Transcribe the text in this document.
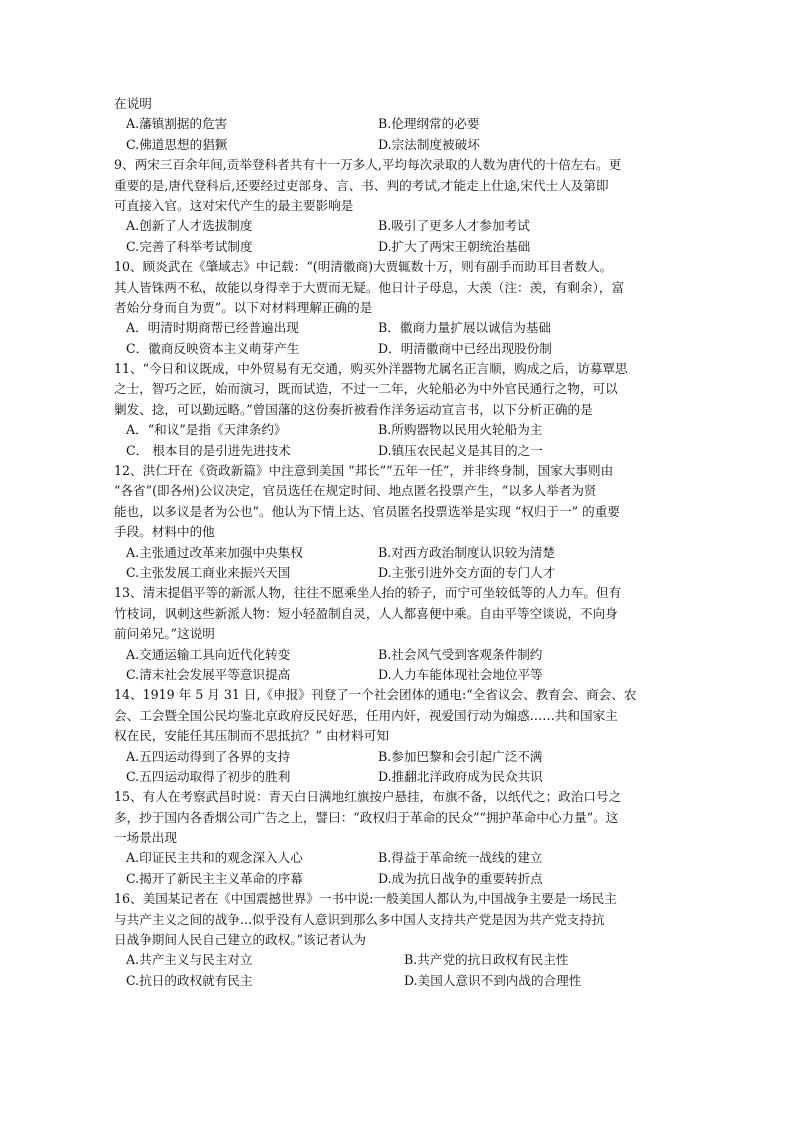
在说明
A.藩镇割据的危害	B.伦理纲常的必要
C.佛道思想的猖獗	D.宗法制度被破坏
9、两宋三百余年间,贡举登科者共有十一万多人,平均每次录取的人数为唐代的十倍左右。更
重要的是,唐代登科后,还要经过吏部身、言、书、判的考试,才能走上仕途,宋代士人及第即
可直接入官。这对宋代产生的最主要影响是
A.创新了人才选拔制度	B.吸引了更多人才参加考试
C.完善了科举考试制度	D.扩大了两宋王朝统治基础
10、顾炎武在《肇域志》中记载：“(明清徽商)大贾辄数十万，则有副手而助耳目者数人。
其人皆铢两不私，故能以身得幸于大贾而无疑。他日计子母息，大羡（注：羡，有剩余），富
者始分身而自为贾”。以下对材料理解正确的是
A．明清时期商帮已经普遍出现	B．徽商力量扩展以诚信为基础
C．徽商反映资本主义萌芽产生	D．明清徽商中已经出现股份制
11、“今日和议既成，中外贸易有无交通，购买外洋器物尤属名正言顺，购成之后，访募覃思
之士，智巧之匠，始而演习，既而试造，不过一二年，火轮船必为中外官民通行之物，可以
剿发、捻，可以勤远略。”曾国藩的这份奏折被看作洋务运动宣言书，以下分析正确的是
A．“和议”是指《天津条约》	B.所购器物以民用火轮船为主
C． 根本目的是引进先进技术	D.镇压农民起义是其目的之一
12、洪仁玕在《资政新篇》中注意到美国 “邦长”“五年一任”，并非终身制，国家大事则由
“各省”(即各州)公议决定，官员选任在规定时间、地点匿名投票产生，“以多人举者为贤
能也，以多议是者为公也”。他认为下情上达、官员匿名投票选举是实现 “权归于一” 的重要
手段。材料中的他
A.主张通过改革来加强中央集权	B.对西方政治制度认识较为清楚
C.主张发展工商业来振兴天国	D.主张引进外交方面的专门人才
13、清末提倡平等的新派人物，往往不愿乘坐人抬的轿子，而宁可坐较低等的人力车。但有
竹枝词，讽刺这些新派人物：短小轻盈制自灵，人人都喜便中乘。自由平等空谈说，不向身
前问弟兄。”这说明
A.交通运输工具向近代化转变	B.社会风气受到客观条件制约
C.清末社会发展平等意识提高	D.人力车能体现社会地位平等
14、1919 年 5 月 31 日,《申报》刊登了一个社会团体的通电:“全省议会、教育会、商会、农
会、工会暨全国公民均鉴北京政府反民好恶，任用内奸，视爱国行动为煽惑……共和国家主
权在民，安能任其压制而不思抵抗？” 由材料可知
A.五四运动得到了各界的支持	B.参加巴黎和会引起广泛不满
C.五四运动取得了初步的胜利	D.推翻北洋政府成为民众共识
15、有人在考察武昌时说：青天白日满地红旗按户悬挂，布旗不备，以纸代之；政治口号之
多，抄于国内各香烟公司广告之上，譬曰：“政权归于革命的民众”“拥护革命中心力量”。这
一场景出现
A.印证民主共和的观念深入人心	B.得益于革命统一战线的建立
C.揭开了新民主主义革命的序幕	D.成为抗日战争的重要转折点
16、美国某记者在《中国震撼世界》一书中说:一般美国人都认为,中国战争主要是一场民主
与共产主义之间的战争...似乎没有人意识到那么多中国人支持共产党是因为共产党支持抗
日战争期间人民自己建立的政权。”该记者认为
A.共产主义与民主对立	B.共产党的抗日政权有民主性
C.抗日的政权就有民主	D.美国人意识不到内战的合理性
